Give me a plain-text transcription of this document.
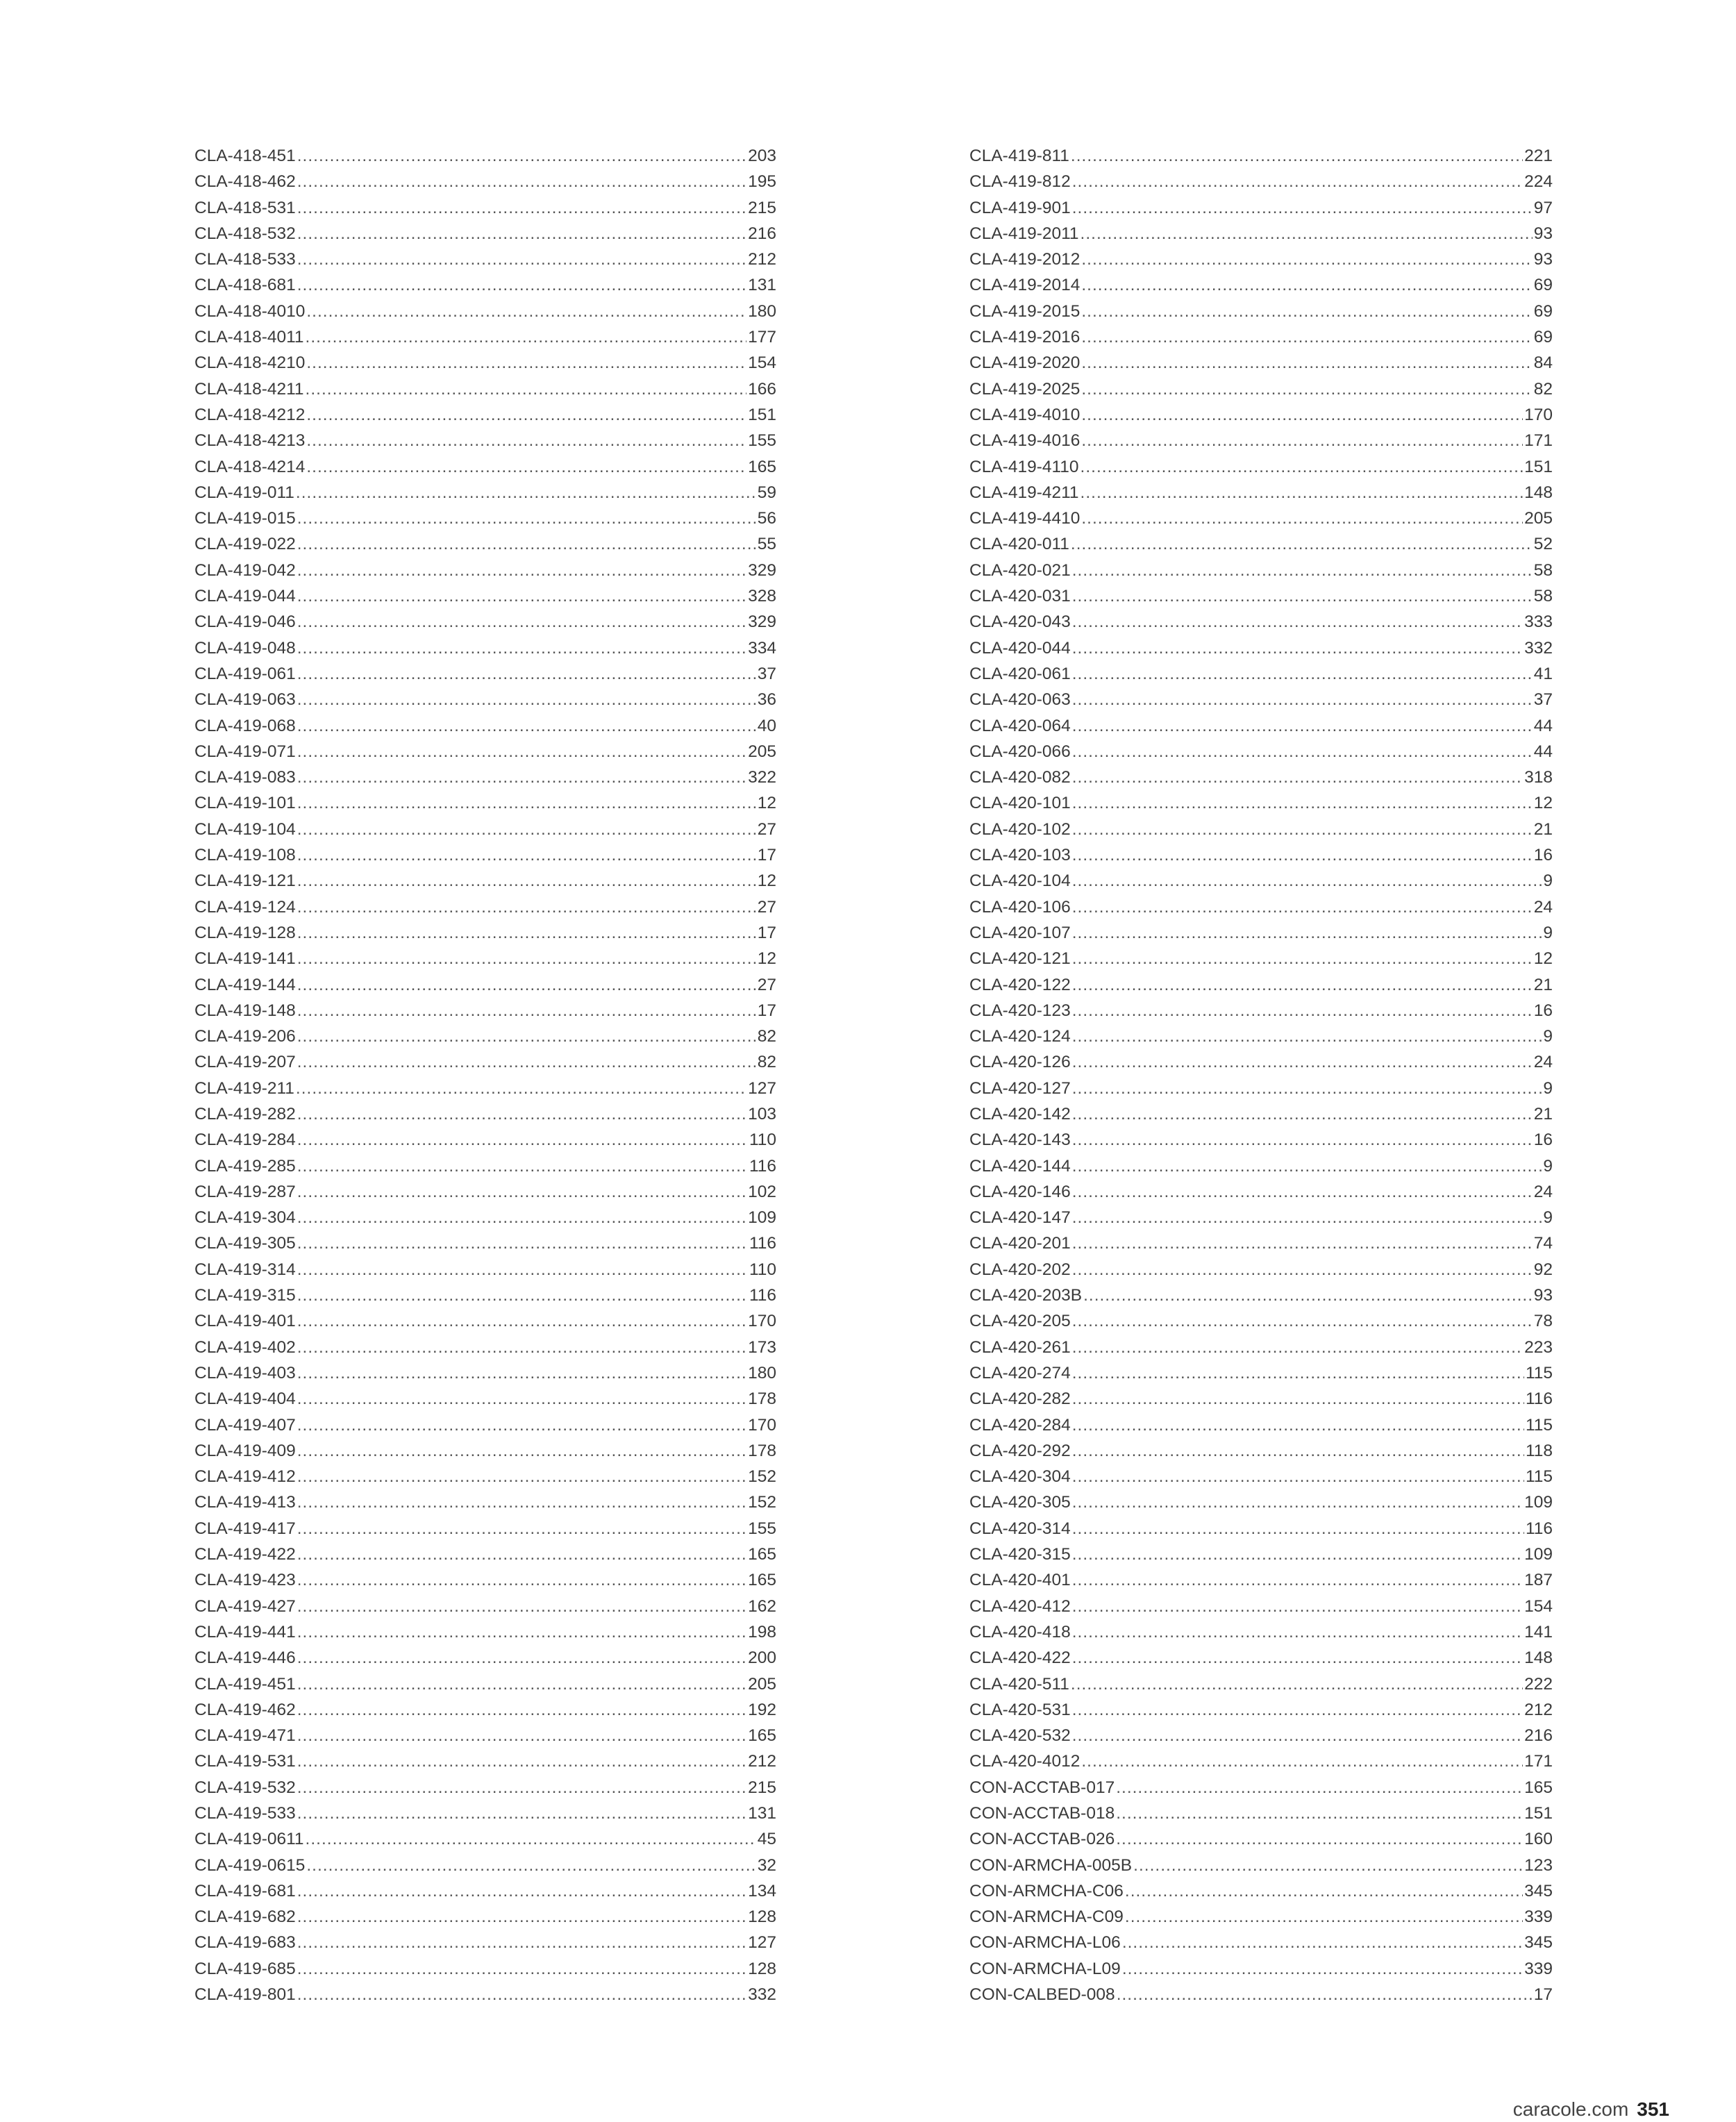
CLA-418-451 .....	203
CLA-418-462 .....	195
CLA-418-531 .....	215
CLA-418-532 .....	216
CLA-418-533 .....	212
CLA-418-681 .....	131
CLA-418-4010 .....	180
CLA-418-4011 .....	177
CLA-418-4210 .....	154
CLA-418-4211 .....	166
CLA-418-4212 .....	151
CLA-418-4213 .....	155
CLA-418-4214 .....	165
CLA-419-011 .....	59
CLA-419-015 .....	56
CLA-419-022 .....	55
CLA-419-042 .....	329
CLA-419-044 .....	328
CLA-419-046 .....	329
CLA-419-048 .....	334
CLA-419-061 .....	37
CLA-419-063 .....	36
CLA-419-068 .....	40
CLA-419-071 .....	205
CLA-419-083 .....	322
CLA-419-101 .....	12
CLA-419-104 .....	27
CLA-419-108 .....	17
CLA-419-121 .....	12
CLA-419-124 .....	27
CLA-419-128 .....	17
CLA-419-141 .....	12
CLA-419-144 .....	27
CLA-419-148 .....	17
CLA-419-206 .....	82
CLA-419-207 .....	82
CLA-419-211 .....	127
CLA-419-282 .....	103
CLA-419-284 .....	110
CLA-419-285 .....	116
CLA-419-287 .....	102
CLA-419-304 .....	109
CLA-419-305 .....	116
CLA-419-314 .....	110
CLA-419-315 .....	116
CLA-419-401 .....	170
CLA-419-402 .....	173
CLA-419-403 .....	180
CLA-419-404 .....	178
CLA-419-407 .....	170
CLA-419-409 .....	178
CLA-419-412 .....	152
CLA-419-413 .....	152
CLA-419-417 .....	155
CLA-419-422 .....	165
CLA-419-423 .....	165
CLA-419-427 .....	162
CLA-419-441 .....	198
CLA-419-446 .....	200
CLA-419-451 .....	205
CLA-419-462 .....	192
CLA-419-471 .....	165
CLA-419-531 .....	212
CLA-419-532 .....	215
CLA-419-533 .....	131
CLA-419-0611 .....	45
CLA-419-0615 .....	32
CLA-419-681 .....	134
CLA-419-682 .....	128
CLA-419-683 .....	127
CLA-419-685 .....	128
CLA-419-801 .....	332
CLA-419-811 .....	221
CLA-419-812 .....	224
CLA-419-901 .....	97
CLA-419-2011 .....	93
CLA-419-2012 .....	93
CLA-419-2014 .....	69
CLA-419-2015 .....	69
CLA-419-2016 .....	69
CLA-419-2020 .....	84
CLA-419-2025 .....	82
CLA-419-4010 .....	170
CLA-419-4016 .....	171
CLA-419-4110 .....	151
CLA-419-4211 .....	148
CLA-419-4410 .....	205
CLA-420-011 .....	52
CLA-420-021 .....	58
CLA-420-031 .....	58
CLA-420-043 .....	333
CLA-420-044 .....	332
CLA-420-061 .....	41
CLA-420-063 .....	37
CLA-420-064 .....	44
CLA-420-066 .....	44
CLA-420-082 .....	318
CLA-420-101 .....	12
CLA-420-102 .....	21
CLA-420-103 .....	16
CLA-420-104 .....	9
CLA-420-106 .....	24
CLA-420-107 .....	9
CLA-420-121 .....	12
CLA-420-122 .....	21
CLA-420-123 .....	16
CLA-420-124 .....	9
CLA-420-126 .....	24
CLA-420-127 .....	9
CLA-420-142 .....	21
CLA-420-143 .....	16
CLA-420-144 .....	9
CLA-420-146 .....	24
CLA-420-147 .....	9
CLA-420-201 .....	74
CLA-420-202 .....	92
CLA-420-203B .....	93
CLA-420-205 .....	78
CLA-420-261 .....	223
CLA-420-274 .....	115
CLA-420-282 .....	116
CLA-420-284 .....	115
CLA-420-292 .....	118
CLA-420-304 .....	115
CLA-420-305 .....	109
CLA-420-314 .....	116
CLA-420-315 .....	109
CLA-420-401 .....	187
CLA-420-412 .....	154
CLA-420-418 .....	141
CLA-420-422 .....	148
CLA-420-511 .....	222
CLA-420-531 .....	212
CLA-420-532 .....	216
CLA-420-4012 .....	171
CON-ACCTAB-017 .....	165
CON-ACCTAB-018 .....	151
CON-ACCTAB-026 .....	160
CON-ARMCHA-005B .....	123
CON-ARMCHA-C06 .....	345
CON-ARMCHA-C09 .....	339
CON-ARMCHA-L06 .....	345
CON-ARMCHA-L09 .....	339
CON-CALBED-008 .....	17
caracole.com 351
